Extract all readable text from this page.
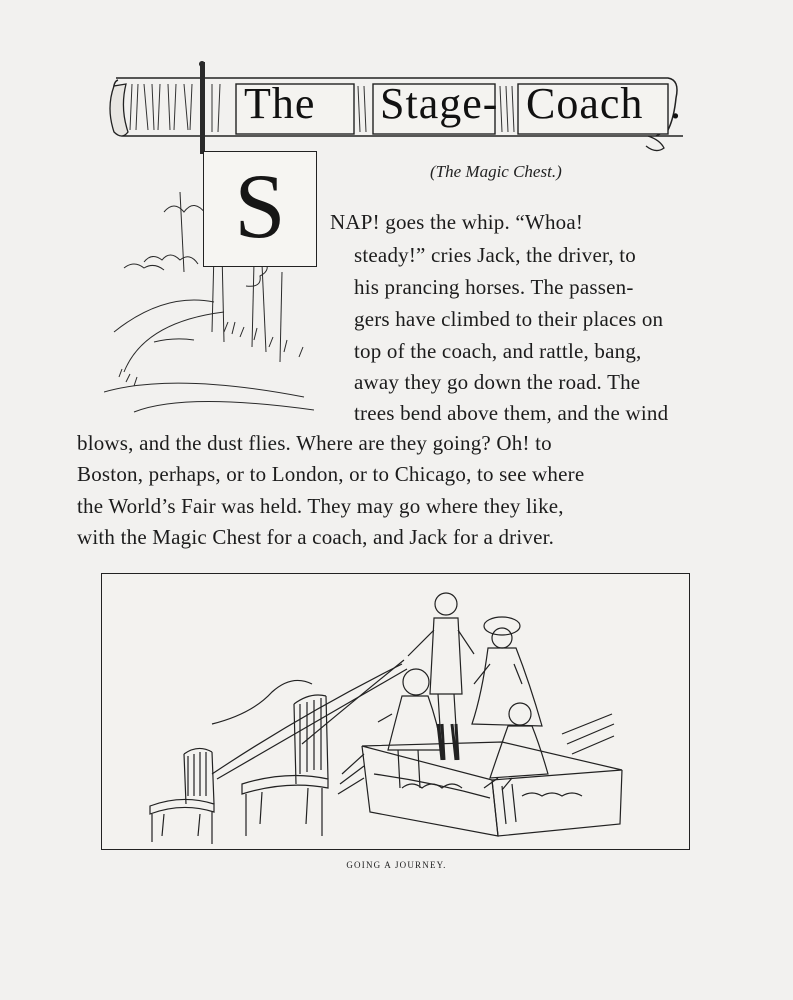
The Stage- Coach .
(The Magic Chest.)
S	NAP! goes the whip. “Whoa!
steady!” cries Jack, the driver, to
his prancing horses. The passen-
gers have climbed to their places on
top of the coach, and rattle, bang,
away they go down the road. The
trees bend above them, and the wind
blows, and the dust flies. Where are they going? Oh! to
Boston, perhaps, or to London, or to Chicago, to see where
the World’s Fair was held. They may go where they like,
with the Magic Chest for a coach, and Jack for a driver.
GOING A JOURNEY.
